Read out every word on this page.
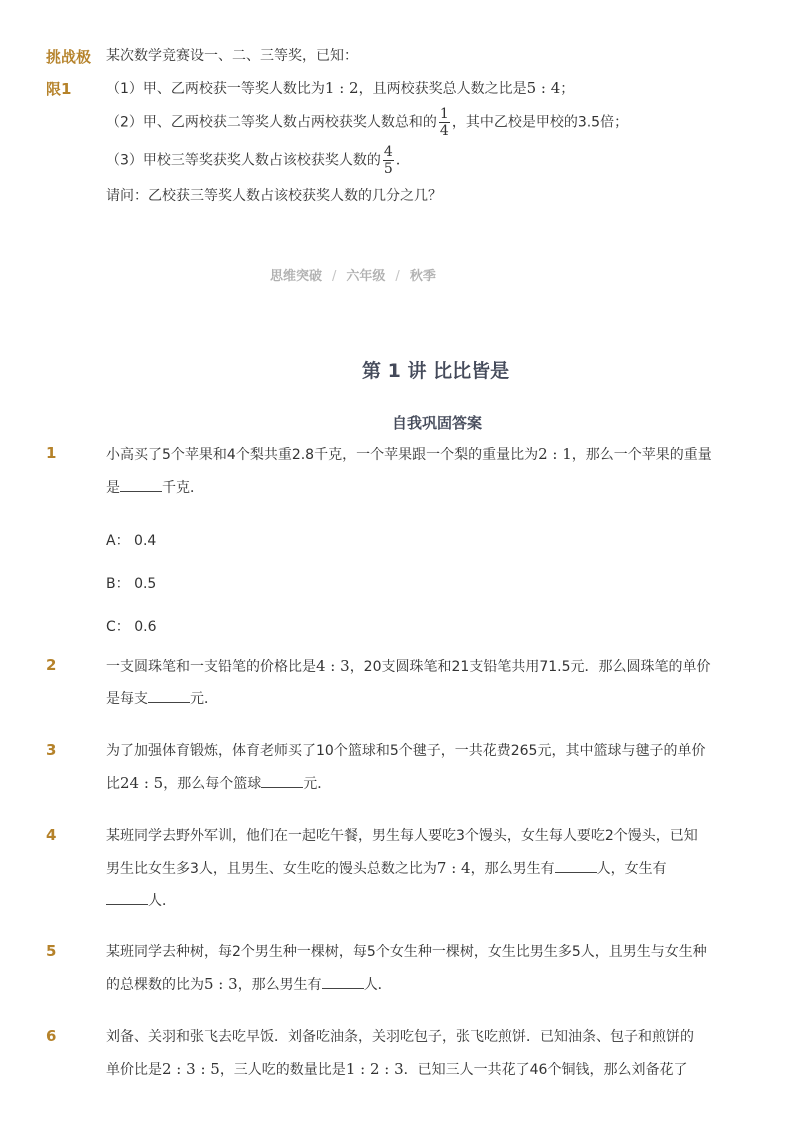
挑战极
限1
某次数学竞赛设一、二、三等奖，已知：
（1）甲、乙两校获一等奖人数比为1 : 2，且两校获奖总人数之比是5 : 4；
（2）甲、乙两校获二等奖人数占两校获奖人数总和的 $\frac{1}{4}$ ，其中乙校是甲校的3.5倍；
（3）甲校三等奖获奖人数占该校获奖人数的 $\frac{4}{5}$ ．
请问：乙校获三等奖人数占该校获奖人数的几分之几？
思维突破 / 六年级 / 秋季
第 1 讲 比比皆是
自我巩固答案
1	小高买了5个苹果和4个梨共重2.8千克，一个苹果跟一个梨的重量比为2 : 1，那么一个苹果的重量
是	千克．
A： 0.4
B： 0.5
C： 0.6
2	一支圆珠笔和一支铅笔的价格比是4 : 3，20支圆珠笔和21支铅笔共用71.5元．那么圆珠笔的单价
是每支	元．
3	为了加强体育锻炼，体育老师买了10个篮球和5个毽子，一共花费265元，其中篮球与毽子的单价
比24 : 5，那么每个篮球	元．
4	某班同学去野外军训，他们在一起吃午餐，男生每人要吃3个馒头，女生每人要吃2个馒头，已知
男生比女生多3人，且男生、女生吃的馒头总数之比为7 : 4，那么男生有	人，女生有
人．
5	某班同学去种树，每2个男生种一棵树，每5个女生种一棵树，女生比男生多5人，且男生与女生种
的总棵数的比为5 : 3，那么男生有	人．
6	刘备、关羽和张飞去吃早饭．刘备吃油条，关羽吃包子，张飞吃煎饼．已知油条、包子和煎饼的
单价比是2 : 3 : 5，三人吃的数量比是1 : 2 : 3．已知三人一共花了46个铜钱，那么刘备花了
